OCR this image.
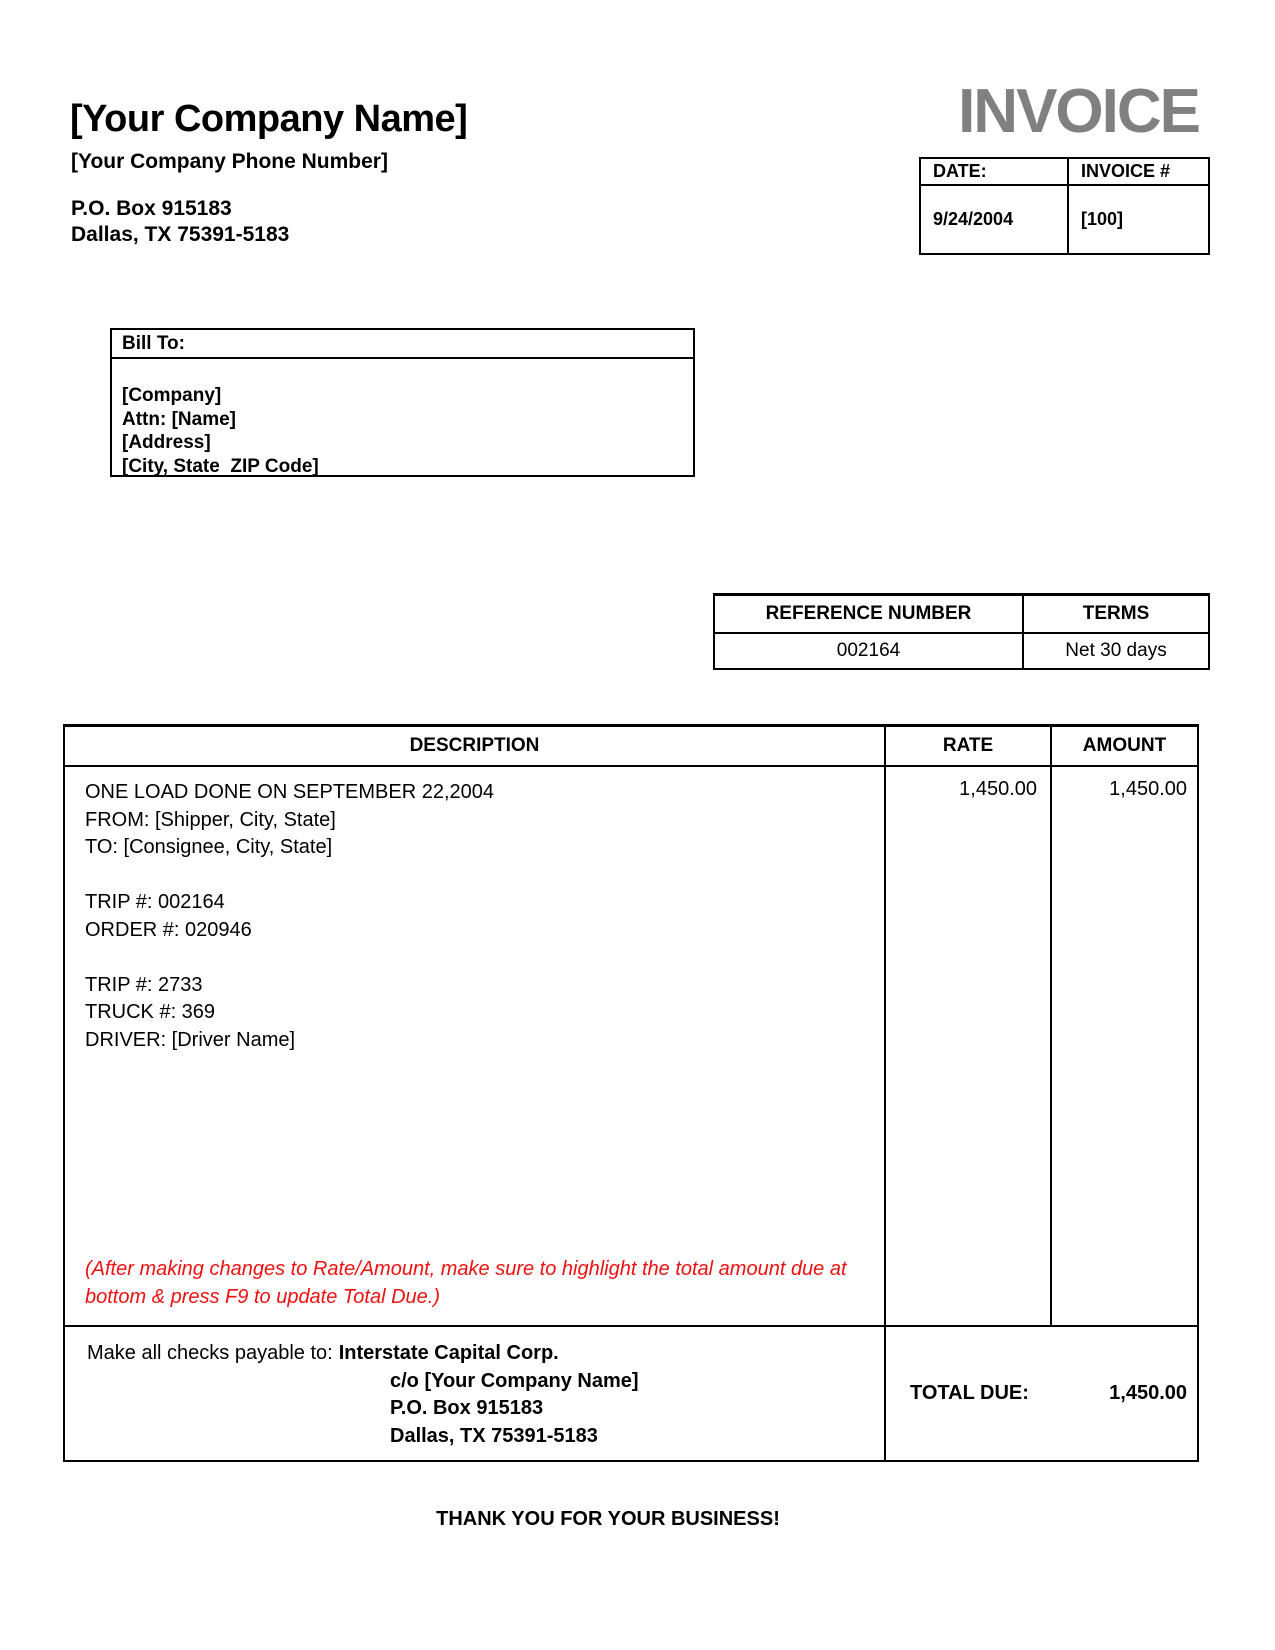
[Your Company Name]
[Your Company Phone Number]
P.O. Box 915183
Dallas, TX 75391-5183
INVOICE
DATE:	INVOICE #
9/24/2004	[100]
Bill To:
[Company]
Attn: [Name]
[Address]
[City, State  ZIP Code]
REFERENCE NUMBER	TERMS
002164	Net 30 days
DESCRIPTION	RATE	AMOUNT
ONE LOAD DONE ON SEPTEMBER 22,2004
FROM: [Shipper, City, State]
TO: [Consignee, City, State]
TRIP #: 002164
ORDER #: 020946
TRIP #: 2733
TRUCK #: 369
DRIVER: [Driver Name]
(After making changes to Rate/Amount, make sure to highlight the total amount due at bottom & press F9 to update Total Due.)
1,450.00	1,450.00
Make all checks payable to: Interstate Capital Corp.
c/o [Your Company Name]
P.O. Box 915183
Dallas, TX 75391-5183
TOTAL DUE:	1,450.00
THANK YOU FOR YOUR BUSINESS!
